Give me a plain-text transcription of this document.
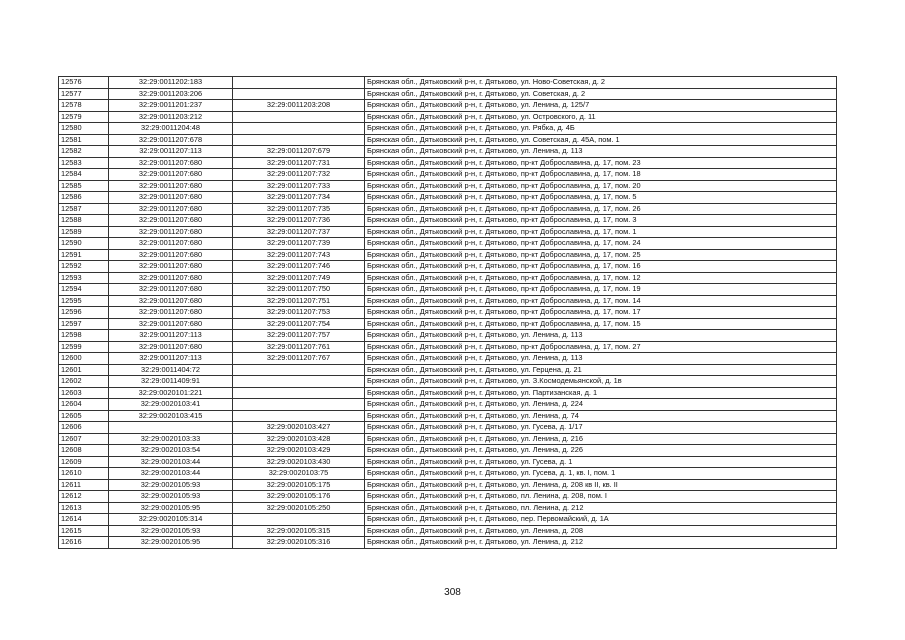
12576	32:29:0011202:183		Брянская обл., Дятьковский р-н, г. Дятьково, ул. Ново-Советская, д. 2
12577	32:29:0011203:206		Брянская обл., Дятьковский р-н, г. Дятьково, ул. Советская, д. 2
12578	32:29:0011201:237	32:29:0011203:208	Брянская обл., Дятьковский р-н, г. Дятьково, ул. Ленина, д. 125/7
12579	32:29:0011203:212		Брянская обл., Дятьковский р-н, г. Дятьково, ул. Островского, д. 11
12580	32:29:0011204:48		Брянская обл., Дятьковский р-н, г. Дятьково, ул. Рябка, д. 4Б
12581	32:29:0011207:678		Брянская обл., Дятьковский р-н, г. Дятьково, ул. Советская, д. 45А, пом. 1
12582	32:29:0011207:113	32:29:0011207:679	Брянская обл., Дятьковский р-н, г. Дятьково, ул. Ленина, д. 113
12583	32:29:0011207:680	32:29:0011207:731	Брянская обл., Дятьковский р-н, г. Дятьково, пр-кт Доброславина, д. 17, пом. 23
12584	32:29:0011207:680	32:29:0011207:732	Брянская обл., Дятьковский р-н, г. Дятьково, пр-кт Доброславина, д. 17, пом. 18
12585	32:29:0011207:680	32:29:0011207:733	Брянская обл., Дятьковский р-н, г. Дятьково, пр-кт Доброславина, д. 17, пом. 20
12586	32:29:0011207:680	32:29:0011207:734	Брянская обл., Дятьковский р-н, г. Дятьково, пр-кт Доброславина, д. 17, пом. 5
12587	32:29:0011207:680	32:29:0011207:735	Брянская обл., Дятьковский р-н, г. Дятьково, пр-кт Доброславина, д. 17, пом. 26
12588	32:29:0011207:680	32:29:0011207:736	Брянская обл., Дятьковский р-н, г. Дятьково, пр-кт Доброславина, д. 17, пом. 3
12589	32:29:0011207:680	32:29:0011207:737	Брянская обл., Дятьковский р-н, г. Дятьково, пр-кт Доброславина, д. 17, пом. 1
12590	32:29:0011207:680	32:29:0011207:739	Брянская обл., Дятьковский р-н, г. Дятьково, пр-кт Доброславина, д. 17, пом. 24
12591	32:29:0011207:680	32:29:0011207:743	Брянская обл., Дятьковский р-н, г. Дятьково, пр-кт Доброславина, д. 17, пом. 25
12592	32:29:0011207:680	32:29:0011207:746	Брянская обл., Дятьковский р-н, г. Дятьково, пр-кт Доброславина, д. 17, пом. 16
12593	32:29:0011207:680	32:29:0011207:749	Брянская обл., Дятьковский р-н, г. Дятьково, пр-кт Доброславина, д. 17, пом. 12
12594	32:29:0011207:680	32:29:0011207:750	Брянская обл., Дятьковский р-н, г. Дятьково, пр-кт Доброславина, д. 17, пом. 19
12595	32:29:0011207:680	32:29:0011207:751	Брянская обл., Дятьковский р-н, г. Дятьково, пр-кт Доброславина, д. 17, пом. 14
12596	32:29:0011207:680	32:29:0011207:753	Брянская обл., Дятьковский р-н, г. Дятьково, пр-кт Доброславина, д. 17, пом. 17
12597	32:29:0011207:680	32:29:0011207:754	Брянская обл., Дятьковский р-н, г. Дятьково, пр-кт Доброславина, д. 17, пом. 15
12598	32:29:0011207:113	32:29:0011207:757	Брянская обл., Дятьковский р-н, г. Дятьково, ул. Ленина, д. 113
12599	32:29:0011207:680	32:29:0011207:761	Брянская обл., Дятьковский р-н, г. Дятьково, пр-кт Доброславина, д. 17, пом. 27
12600	32:29:0011207:113	32:29:0011207:767	Брянская обл., Дятьковский р-н, г. Дятьково, ул. Ленина, д. 113
12601	32:29:0011404:72		Брянская обл., Дятьковский р-н, г. Дятьково, ул. Герцена, д. 21
12602	32:29:0011409:91		Брянская обл., Дятьковский р-н, г. Дятьково, ул. З.Космодемьянской, д. 1в
12603	32:29:0020101:221		Брянская обл., Дятьковский р-н, г. Дятьково, ул. Партизанская, д. 1
12604	32:29:0020103:41		Брянская обл., Дятьковский р-н, г. Дятьково, ул. Ленина, д. 224
12605	32:29:0020103:415		Брянская обл., Дятьковский р-н, г. Дятьково, ул. Ленина, д. 74
12606		32:29:0020103:427	Брянская обл., Дятьковский р-н, г. Дятьково, ул. Гусева, д. 1/17
12607	32:29:0020103:33	32:29:0020103:428	Брянская обл., Дятьковский р-н, г. Дятьково, ул. Ленина, д. 216
12608	32:29:0020103:54	32:29:0020103:429	Брянская обл., Дятьковский р-н, г. Дятьково, ул. Ленина, д. 226
12609	32:29:0020103:44	32:29:0020103:430	Брянская обл., Дятьковский р-н, г. Дятьково, ул. Гусева, д. 1
12610	32:29:0020103:44	32:29:0020103:75	Брянская обл., Дятьковский р-н, г. Дятьково, ул. Гусева, д. 1, кв. I, пом. 1
12611	32:29:0020105:93	32:29:0020105:175	Брянская обл., Дятьковский р-н, г. Дятьково, ул. Ленина, д. 208 кв II, кв. II
12612	32:29:0020105:93	32:29:0020105:176	Брянская обл., Дятьковский р-н, г. Дятьково, пл. Ленина, д. 208, пом. I
12613	32:29:0020105:95	32:29:0020105:250	Брянская обл., Дятьковский р-н, г. Дятьково, пл. Ленина, д. 212
12614	32:29:0020105:314		Брянская обл., Дятьковский р-н, г. Дятьково, пер. Первомайский, д. 1А
12615	32:29:0020105:93	32:29:0020105:315	Брянская обл., Дятьковский р-н, г. Дятьково, ул. Ленина, д. 208
12616	32:29:0020105:95	32:29:0020105:316	Брянская обл., Дятьковский р-н, г. Дятьково, ул. Ленина, д. 212
308
